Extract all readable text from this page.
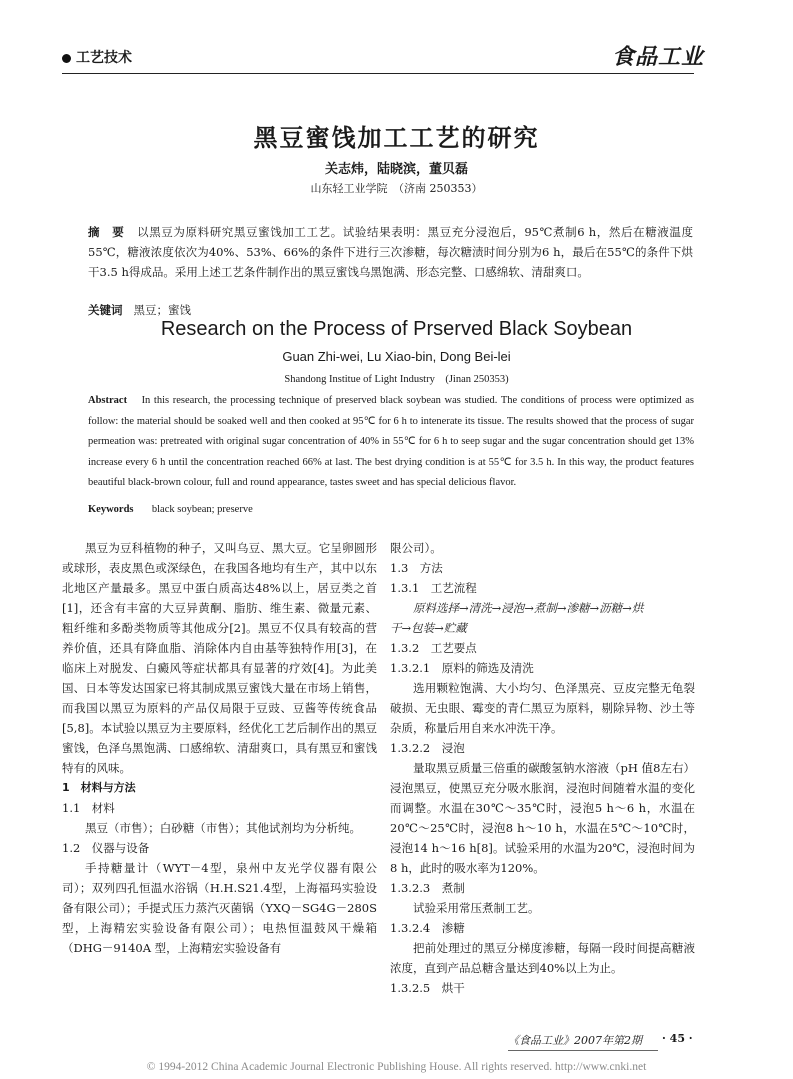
工艺技术	食品工业
黑豆蜜饯加工工艺的研究
关志炜，陆晓滨，董贝磊
山东轻工业学院　（济南 250353）
摘　要 以黑豆为原料研究黑豆蜜饯加工工艺。试验结果表明：黑豆充分浸泡后，95℃煮制6 h，然后在糖液温度55℃，糖液浓度依次为40%、53%、66%的条件下进行三次渗糖，每次糖渍时间分别为6 h，最后在55℃的条件下烘干3.5 h得成品。采用上述工艺条件制作出的黑豆蜜饯乌黑饱满、形态完整、口感绵软、清甜爽口。
关键词 黑豆；蜜饯
Research on the Process of Prserved Black Soybean
Guan Zhi-wei, Lu Xiao-bin, Dong Bei-lei
Shandong Institue of Light Industry　(Jinan 250353)
Abstract In this research, the processing technique of preserved black soybean was studied. The conditions of process were optimized as follow: the material should be soaked well and then cooked at 95℃ for 6 h to intenerate its tissue. The results showed that the process of sugar permeation was: pretreated with original sugar concentration of 40% in 55℃ for 6 h to seep sugar and the sugar concentration should get 13% increase every 6 h until the concentration reached 66% at last. The best drying condition is at 55℃ for 3.5 h. In this way, the product features beautiful black-brown colour, full and round appearance, tastes sweet and has special delicious flavor.
Keywords black soybean; preserve

黑豆为豆科植物的种子，又叫乌豆、黑大豆。它呈卵圆形或球形，表皮黑色或深绿色，在我国各地均有生产，其中以东北地区产量最多。黑豆中蛋白质高达48%以上，居豆类之首[1]，还含有丰富的大豆异黄酮、脂肪、维生素、微量元素、粗纤维和多酚类物质等其他成分[2]。黑豆不仅具有较高的营养价值，还具有降血脂、消除体内自由基等独特作用[3]，在临床上对脱发、白癜风等症状都具有显著的疗效[4]。为此美国、日本等发达国家已将其制成黑豆蜜饯大量在市场上销售，而我国以黑豆为原料的产品仅局限于豆豉、豆酱等传统食品[5,8]。本试验以黑豆为主要原料，经优化工艺后制作出的黑豆蜜饯，色泽乌黑饱满、口感绵软、清甜爽口，具有黑豆和蜜饯特有的风味。

1　材料与方法

1.1　材料

黑豆（市售）；白砂糖（市售）；其他试剂均为分析纯。

1.2　仪器与设备

手持糖量计（WYT－4型，泉州中友光学仪器有限公司）；双列四孔恒温水浴锅（H.H.S21.4型，上海福玛实验设备有限公司）；手提式压力蒸汽灭菌锅（YXQ－SG4G－280S 型，上海精宏实验设备有限公司）；电热恒温鼓风干燥箱（DHG－9140A 型，上海精宏实验设备有

限公司）。

1.3　方法

1.3.1　工艺流程

原料选择→清洗→浸泡→煮制→渗糖→沥糖→烘

干→包装→贮藏

1.3.2　工艺要点

1.3.2.1　原料的筛选及清洗

选用颗粒饱满、大小均匀、色泽黑亮、豆皮完整无龟裂破损、无虫眼、霉变的青仁黑豆为原料，剔除异物、沙土等杂质，称量后用自来水冲洗干净。

1.3.2.2　浸泡

量取黑豆质量三倍重的碳酸氢钠水溶液（pH 值8左右）浸泡黑豆，使黑豆充分吸水胀润，浸泡时间随着水温的变化而调整。水温在30℃～35℃时，浸泡5 h～6 h，水温在20℃～25℃时，浸泡8 h～10 h，水温在5℃～10℃时，浸泡14 h～16 h[8]。试验采用的水温为20℃，浸泡时间为8 h，此时的吸水率为120%。

1.3.2.3　煮制

试验采用常压煮制工艺。

1.3.2.4　渗糖

把前处理过的黑豆分梯度渗糖，每隔一段时间提高糖液浓度，直到产品总糖含量达到40%以上为止。

1.3.2.5　烘干

《食品工业》2007年第2期 · 45 ·
© 1994-2012 China Academic Journal Electronic Publishing House. All rights reserved. http://www.cnki.net
